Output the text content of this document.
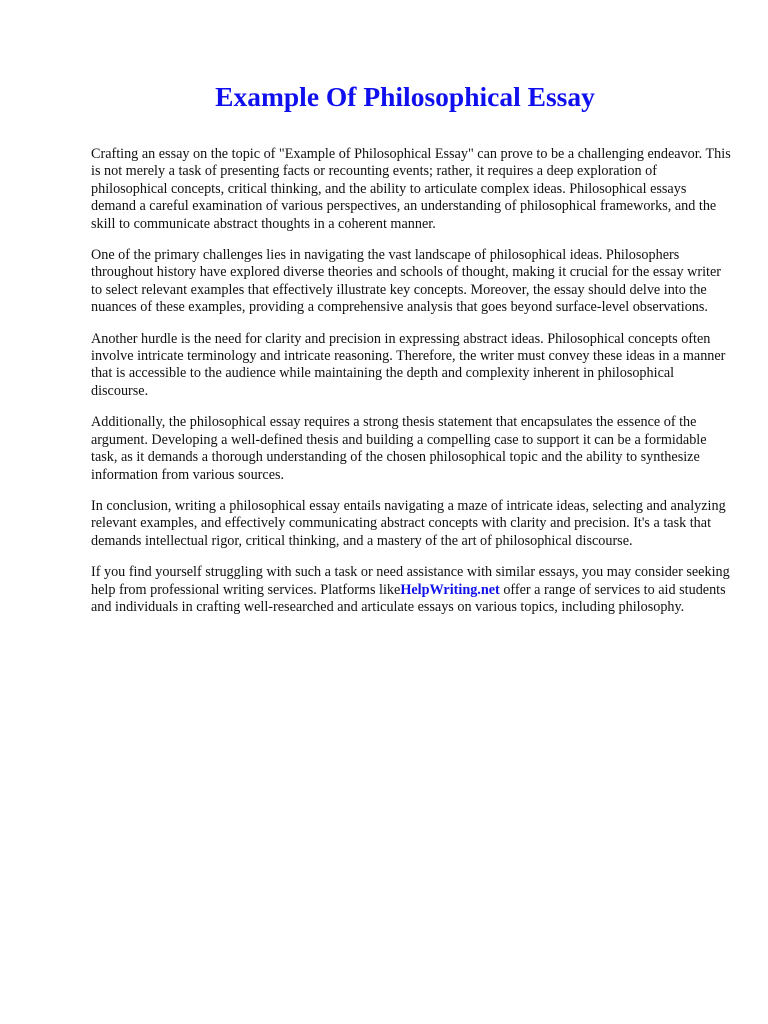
Example Of Philosophical Essay

Crafting an essay on the topic of "Example of Philosophical Essay" can prove to be a challenging endeavor. This is not merely a task of presenting facts or recounting events; rather, it requires a deep exploration of philosophical concepts, critical thinking, and the ability to articulate complex ideas. Philosophical essays demand a careful examination of various perspectives, an understanding of philosophical frameworks, and the skill to communicate abstract thoughts in a coherent manner.

One of the primary challenges lies in navigating the vast landscape of philosophical ideas. Philosophers throughout history have explored diverse theories and schools of thought, making it crucial for the essay writer to select relevant examples that effectively illustrate key concepts. Moreover, the essay should delve into the nuances of these examples, providing a comprehensive analysis that goes beyond surface-level observations.

Another hurdle is the need for clarity and precision in expressing abstract ideas. Philosophical concepts often involve intricate terminology and intricate reasoning. Therefore, the writer must convey these ideas in a manner that is accessible to the audience while maintaining the depth and complexity inherent in philosophical discourse.

Additionally, the philosophical essay requires a strong thesis statement that encapsulates the essence of the argument. Developing a well-defined thesis and building a compelling case to support it can be a formidable task, as it demands a thorough understanding of the chosen philosophical topic and the ability to synthesize information from various sources.

In conclusion, writing a philosophical essay entails navigating a maze of intricate ideas, selecting and analyzing relevant examples, and effectively communicating abstract concepts with clarity and precision. It's a task that demands intellectual rigor, critical thinking, and a mastery of the art of philosophical discourse.

If you find yourself struggling with such a task or need assistance with similar essays, you may consider seeking help from professional writing services. Platforms likeHelpWriting.net offer a range of services to aid students and individuals in crafting well-researched and articulate essays on various topics, including philosophy.
